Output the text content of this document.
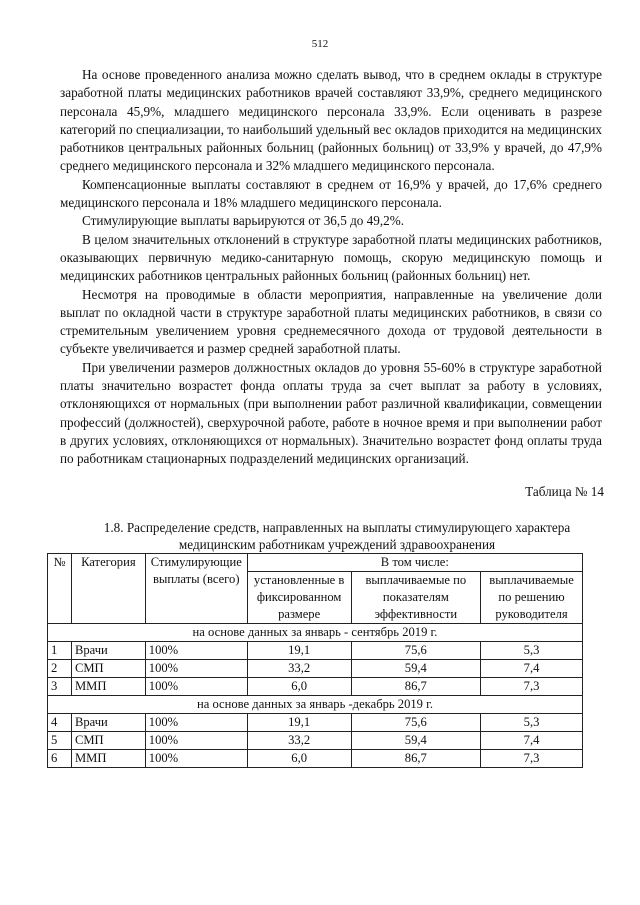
512

На основе проведенного анализа можно сделать вывод, что в среднем оклады в структуре заработной платы медицинских работников врачей составляют 33,9%, среднего медицинского персонала 45,9%, младшего медицинского персонала 33,9%. Если оценивать в разрезе категорий по специализации, то наибольший удельный вес окладов приходится на медицинских работников центральных районных больниц (районных больниц) от 33,9% у врачей, до 47,9% среднего медицинского персонала и 32% младшего медицинского персонала.

Компенсационные выплаты составляют в среднем от 16,9% у врачей, до 17,6% среднего медицинского персонала и 18% младшего медицинского персонала.

Стимулирующие выплаты варьируются от 36,5 до 49,2%.

В целом значительных отклонений в структуре заработной платы медицинских работников, оказывающих первичную медико-санитарную помощь, скорую медицинскую помощь и медицинских работников центральных районных больниц (районных больниц) нет.

Несмотря на проводимые в области мероприятия, направленные на увеличение доли выплат по окладной части в структуре заработной платы медицинских работников, в связи со стремительным увеличением уровня среднемесячного дохода от трудовой деятельности в субъекте увеличивается и размер средней заработной платы.

При увеличении размеров должностных окладов до уровня 55-60% в структуре заработной платы значительно возрастет фонда оплаты труда за счет выплат за работу в условиях, отклоняющихся от нормальных (при выполнении работ различной квалификации, совмещении профессий (должностей), сверхурочной работе, работе в ночное время и при выполнении работ в других условиях, отклоняющихся от нормальных). Значительно возрастет фонд оплаты труда по работникам стационарных подразделений медицинских организаций.

Таблица № 14
1.8. Распределение средств, направленных на выплаты стимулирующего характера медицинским работникам учреждений здравоохранения
№	Категория	Стимулирующие выплаты (всего)	В том числе:		
			установленные в фиксированном размере	выплачиваемые по показателям эффективности	выплачиваемые по решению руководителя
на основе данных за январь - сентябрь 2019 г.					
1	Врачи	100%	19,1	75,6	5,3
2	СМП	100%	33,2	59,4	7,4
3	ММП	100%	6,0	86,7	7,3
на основе данных за январь -декабрь 2019 г.					
4	Врачи	100%	19,1	75,6	5,3
5	СМП	100%	33,2	59,4	7,4
6	ММП	100%	6,0	86,7	7,3
